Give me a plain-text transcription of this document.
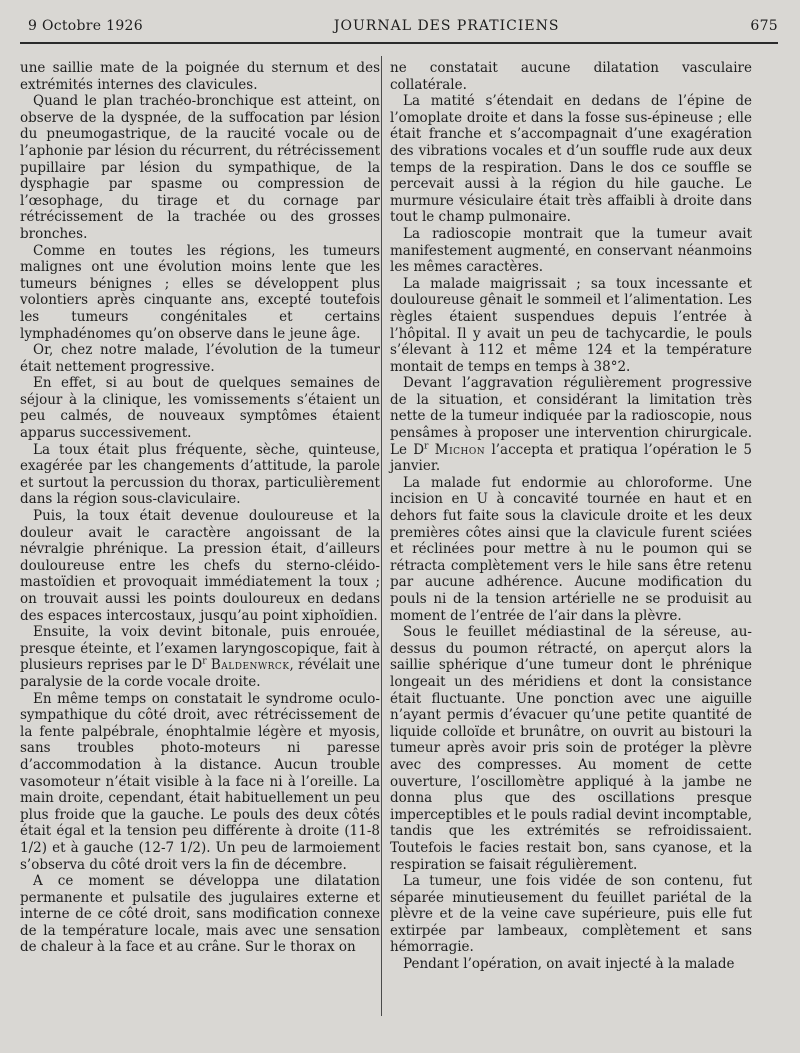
9 Octobre 1926	JOURNAL DES PRATICIENS	675

une saillie mate de la poignée du sternum et des extrémités internes des clavicules.

Quand le plan trachéo-bronchique est atteint, on observe de la dyspnée, de la suffocation par lésion du pneumogastrique, de la raucité vocale ou de l’aphonie par lésion du récurrent, du rétrécissement pupillaire par lésion du sympathique, de la dysphagie par spasme ou compression de l’œsophage, du tirage et du cornage par rétrécissement de la trachée ou des grosses bronches.

Comme en toutes les régions, les tumeurs malignes ont une évolution moins lente que les tumeurs bénignes ; elles se développent plus volontiers après cinquante ans, excepté toutefois les tumeurs congénitales et certains lymphadénomes qu’on observe dans le jeune âge.

Or, chez notre malade, l’évolution de la tumeur était nettement progressive.

En effet, si au bout de quelques semaines de séjour à la clinique, les vomissements s’étaient un peu calmés, de nouveaux symptômes étaient apparus successivement.

La toux était plus fréquente, sèche, quinteuse, exagérée par les changements d’attitude, la parole et surtout la percussion du thorax, particulièrement dans la région sous-claviculaire.

Puis, la toux était devenue douloureuse et la douleur avait le caractère angoissant de la névralgie phrénique. La pression était, d’ailleurs douloureuse entre les chefs du sterno-cléido-mastoïdien et provoquait immédiatement la toux ; on trouvait aussi les points douloureux en dedans des espaces intercostaux, jusqu’au point xiphoïdien.

Ensuite, la voix devint bitonale, puis enrouée, presque éteinte, et l’examen laryngoscopique, fait à plusieurs reprises par le $D^r$ Baldenwrck, révélait une paralysie de la corde vocale droite.

En même temps on constatait le syndrome oculo-sympathique du côté droit, avec rétrécissement de la fente palpébrale, énophtalmie légère et myosis, sans troubles photo-moteurs ni paresse d’accommodation à la distance. Aucun trouble vasomoteur n’était visible à la face ni à l’oreille. La main droite, cependant, était habituellement un peu plus froide que la gauche. Le pouls des deux côtés était égal et la tension peu différente à droite (11-8 1/2) et à gauche (12-7 1/2). Un peu de larmoiement s’observa du côté droit vers la fin de décembre.

A ce moment se développa une dilatation permanente et pulsatile des jugulaires externe et interne de ce côté droit, sans modification connexe de la température locale, mais avec une sensation de chaleur à la face et au crâne. Sur le thorax on

ne constatait aucune dilatation vasculaire collatérale.

La matité s’étendait en dedans de l’épine de l’omoplate droite et dans la fosse sus-épineuse ; elle était franche et s’accompagnait d’une exagération des vibrations vocales et d’un souffle rude aux deux temps de la respiration. Dans le dos ce souffle se percevait aussi à la région du hile gauche. Le murmure vésiculaire était très affaibli à droite dans tout le champ pulmonaire.

La radioscopie montrait que la tumeur avait manifestement augmenté, en conservant néanmoins les mêmes caractères.

La malade maigrissait ; sa toux incessante et douloureuse gênait le sommeil et l’alimentation. Les règles étaient suspendues depuis l’entrée à l’hôpital. Il y avait un peu de tachycardie, le pouls s’élevant à 112 et même 124 et la température montait de temps en temps à 38°2.

Devant l’aggravation régulièrement progressive de la situation, et considérant la limitation très nette de la tumeur indiquée par la radioscopie, nous pensâmes à proposer une intervention chirurgicale. Le $D^r$ Michon l’accepta et pratiqua l’opération le 5 janvier.

La malade fut endormie au chloroforme. Une incision en U à concavité tournée en haut et en dehors fut faite sous la clavicule droite et les deux premières côtes ainsi que la clavicule furent sciées et réclinées pour mettre à nu le poumon qui se rétracta complètement vers le hile sans être retenu par aucune adhérence. Aucune modification du pouls ni de la tension artérielle ne se produisit au moment de l’entrée de l’air dans la plèvre.

Sous le feuillet médiastinal de la séreuse, au-dessus du poumon rétracté, on aperçut alors la saillie sphérique d’une tumeur dont le phrénique longeait un des méridiens et dont la consistance était fluctuante. Une ponction avec une aiguille n’ayant permis d’évacuer qu’une petite quantité de liquide colloïde et brunâtre, on ouvrit au bistouri la tumeur après avoir pris soin de protéger la plèvre avec des compresses. Au moment de cette ouverture, l’oscillomètre appliqué à la jambe ne donna plus que des oscillations presque imperceptibles et le pouls radial devint incomptable, tandis que les extrémités se refroidissaient. Toutefois le facies restait bon, sans cyanose, et la respiration se faisait régulièrement.

La tumeur, une fois vidée de son contenu, fut séparée minutieusement du feuillet pariétal de la plèvre et de la veine cave supérieure, puis elle fut extirpée par lambeaux, complètement et sans hémorragie.

Pendant l’opération, on avait injecté à la malade
